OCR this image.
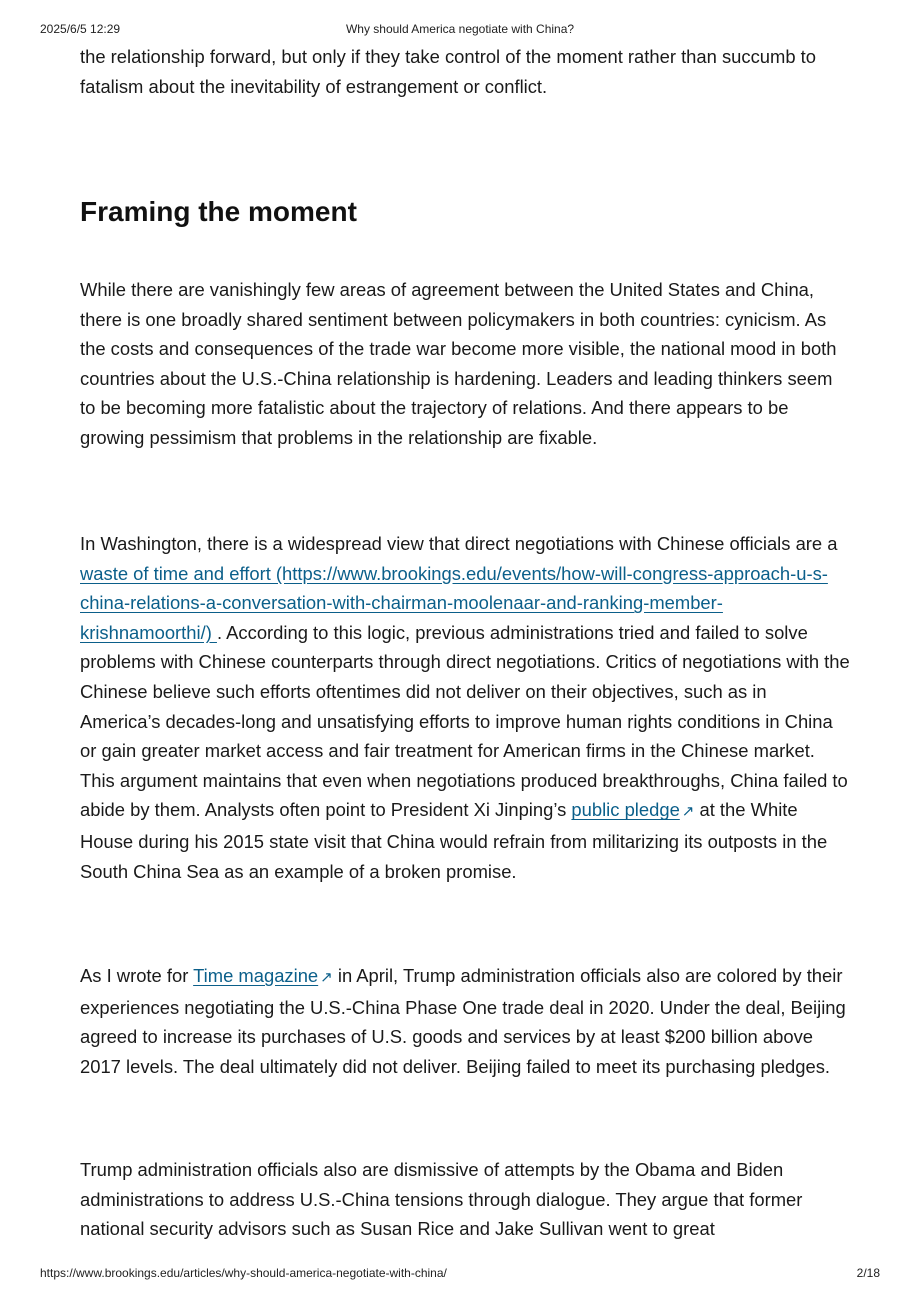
2025/6/5 12:29	Why should America negotiate with China?

the relationship forward, but only if they take control of the moment rather than succumb to fatalism about the inevitability of estrangement or conflict.

Framing the moment

While there are vanishingly few areas of agreement between the United States and China, there is one broadly shared sentiment between policymakers in both countries: cynicism. As the costs and consequences of the trade war become more visible, the national mood in both countries about the U.S.-China relationship is hardening. Leaders and leading thinkers seem to be becoming more fatalistic about the trajectory of relations. And there appears to be growing pessimism that problems in the relationship are fixable.

In Washington, there is a widespread view that direct negotiations with Chinese officials are a waste of time and effort (https://www.brookings.edu/events/how-will-congress-approach-u-s-china-relations-a-conversation-with-chairman-moolenaar-and-ranking-member-krishnamoorthi/) . According to this logic, previous administrations tried and failed to solve problems with Chinese counterparts through direct negotiations. Critics of negotiations with the Chinese believe such efforts oftentimes did not deliver on their objectives, such as in America’s decades-long and unsatisfying efforts to improve human rights conditions in China or gain greater market access and fair treatment for American firms in the Chinese market. This argument maintains that even when negotiations produced breakthroughs, China failed to abide by them. Analysts often point to President Xi Jinping’s public pledge ↗ at the White House during his 2015 state visit that China would refrain from militarizing its outposts in the South China Sea as an example of a broken promise.

As I wrote for Time magazine ↗ in April, Trump administration officials also are colored by their experiences negotiating the U.S.-China Phase One trade deal in 2020. Under the deal, Beijing agreed to increase its purchases of U.S. goods and services by at least $200 billion above 2017 levels. The deal ultimately did not deliver. Beijing failed to meet its purchasing pledges.

Trump administration officials also are dismissive of attempts by the Obama and Biden administrations to address U.S.-China tensions through dialogue. They argue that former national security advisors such as Susan Rice and Jake Sullivan went to great

https://www.brookings.edu/articles/why-should-america-negotiate-with-china/	2/18
